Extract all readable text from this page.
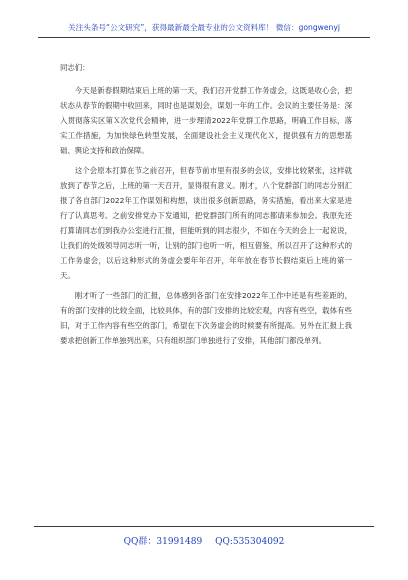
关注头条号“公文研究”，获得最新最全最专业的公文资料库！ 微信：gongwenyj

同志们：

今天是新春假期结束后上班的第一天，我们召开党群工作务虚会，这既是收心会，把状态从春节的假期中收回来，同时也是谋划会，谋划一年的工作。会议的主要任务是：深入贯彻落实区第Ｘ次党代会精神，进一步理清2022年党群工作思路，明确工作目标，落实工作措施，为加快绿色转型发展，全面建设社会主义现代化Ｘ，提供强有力的思想基础、舆论支持和政治保障。

这个会原本打算在节之前召开，但春节前市里有很多的会议，安排比较紧张，这样就放到了春节之后，上班的第一天召开，显得很有意义。刚才，八个党群部门的同志分别汇报了各自部门2022年工作谋划和构想，谈出很多创新思路，务实措施，看出来大家是进行了认真思考。之前安排党办下发通知，把党群部门所有的同志都请来参加会。我原先还打算请同志们到我办公室进行汇报，但能听到的同志很少，不如在今天的会上一起说说，让我们的处级领导同志听一听，让别的部门也听一听，相互借鉴，所以召开了这种形式的工作务虚会，以后这种形式的务虚会要年年召开，年年放在春节长假结束后上班的第一天。

刚才听了一些部门的汇报，总体感到各部门在安排2022年工作中还是有些差距的，有的部门安排的比较全面，比较具体，有的部门安排的比较宏观，内容有些空，载体有些旧，对于工作内容有些空的部门，希望在下次务虚会的时候要有所提高。另外在汇报上我要求把创新工作单独列出来，只有组织部门单独进行了安排，其他部门都没单列。

QQ群：31991489 QQ:535304092
